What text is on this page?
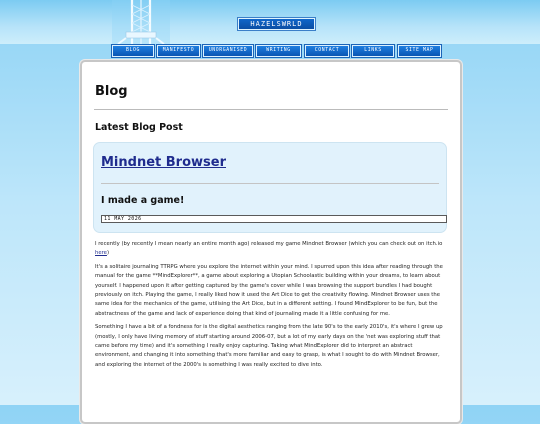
HAZELSWRLD
BLOG	MANIFESTO	UNORGANISED	WRITING	CONTACT	LINKS	SITE MAP
Blog
Latest Blog Post
Mindnet Browser
I made a game!
11 MAY 2026

I recently (by recently I mean nearly an entire month ago) released my game Mindnet Browser (which you can check out on itch.io here)

It's a solitaire journaling TTRPG where you explore the internet within your mind. I spurred upon this idea after reading through the manual for the game **MindExplorer**, a game about exploring a Utopian Schoolastic building within your dreams, to learn about yourself. I happened upon it after getting captured by the game's cover while I was browsing the support bundles I had bought previously on itch. Playing the game, I really liked how it used the Art Dice to get the creativity flowing. Mindnet Browser uses the same idea for the mechanics of the game, utilising the Art Dice, but in a different setting. I found MindExplorer to be fun, but the abstractness of the game and lack of experience doing that kind of journaling made it a little confusing for me.

Something I have a bit of a fondness for is the digital aesthetics ranging from the late 90's to the early 2010's, it's where I grew up (mostly, I only have living memory of stuff starting around 2006-07, but a lot of my early days on the 'net was exploring stuff that came before my time) and it's something I really enjoy capturing. Taking what MindExplorer did to interpret an abstract environment, and changing it into something that's more familiar and easy to grasp, is what I sought to do with Mindnet Browser, and exploring the internet of the 2000's is something I was really excited to dive into.
